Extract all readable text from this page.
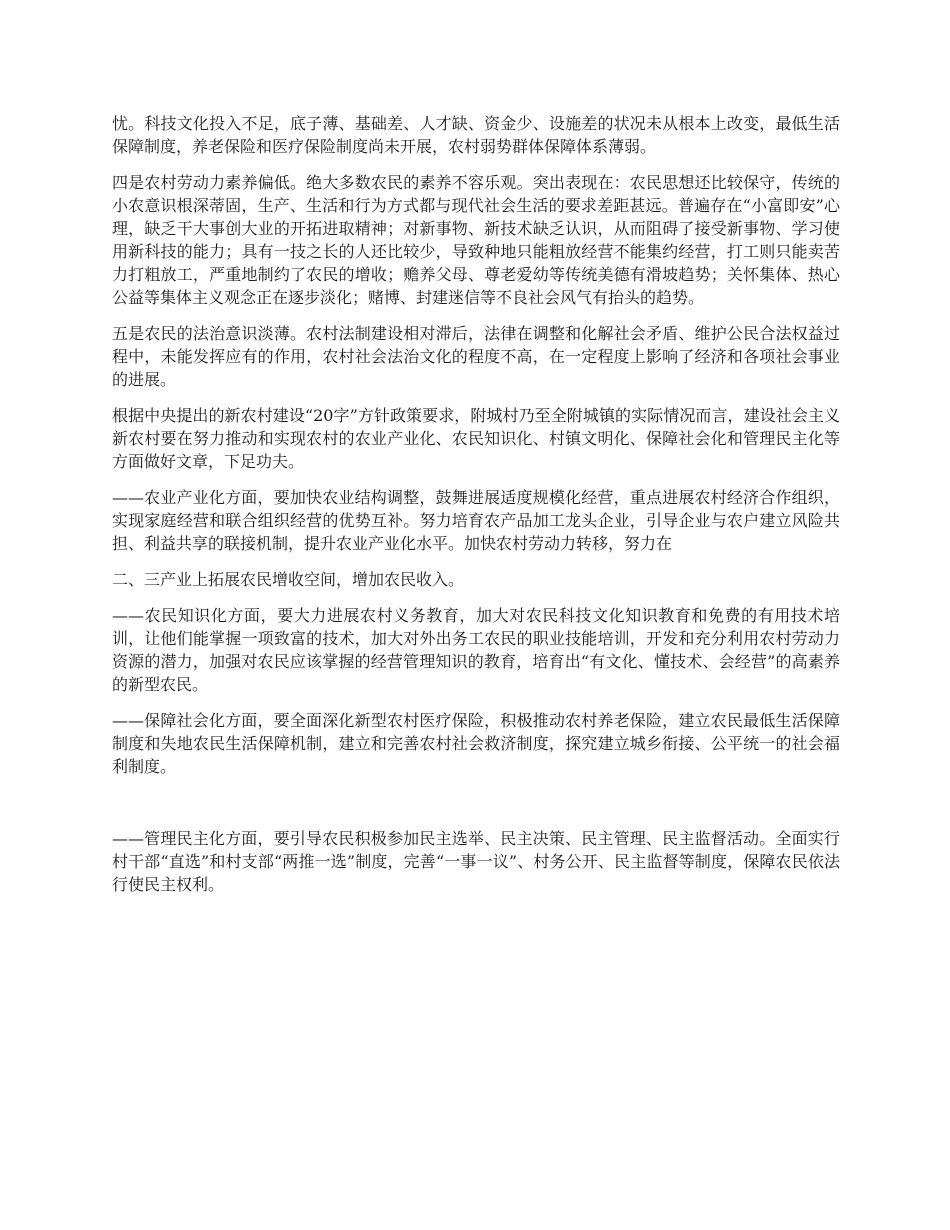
忧。科技文化投入不足，底子薄、基础差、人才缺、资金少、设施差的状况未从根本上改变，最低生活保障制度，养老保险和医疗保险制度尚未开展，农村弱势群体保障体系薄弱。

四是农村劳动力素养偏低。绝大多数农民的素养不容乐观。突出表现在：农民思想还比较保守，传统的小农意识根深蒂固，生产、生活和行为方式都与现代社会生活的要求差距甚远。普遍存在“小富即安”心理，缺乏干大事创大业的开拓进取精神；对新事物、新技术缺乏认识，从而阻碍了接受新事物、学习使用新科技的能力；具有一技之长的人还比较少，导致种地只能粗放经营不能集约经营，打工则只能卖苦力打粗放工，严重地制约了农民的增收；赡养父母、尊老爱幼等传统美德有滑坡趋势；关怀集体、热心公益等集体主义观念正在逐步淡化；赌博、封建迷信等不良社会风气有抬头的趋势。

五是农民的法治意识淡薄。农村法制建设相对滞后，法律在调整和化解社会矛盾、维护公民合法权益过程中，未能发挥应有的作用，农村社会法治文化的程度不高，在一定程度上影响了经济和各项社会事业的进展。

根据中央提出的新农村建设“20字”方针政策要求，附城村乃至全附城镇的实际情况而言，建设社会主义新农村要在努力推动和实现农村的农业产业化、农民知识化、村镇文明化、保障社会化和管理民主化等方面做好文章，下足功夫。

——农业产业化方面，要加快农业结构调整，鼓舞进展适度规模化经营，重点进展农村经济合作组织，实现家庭经营和联合组织经营的优势互补。努力培育农产品加工龙头企业，引导企业与农户建立风险共担、利益共享的联接机制，提升农业产业化水平。加快农村劳动力转移，努力在

二、三产业上拓展农民增收空间，增加农民收入。

——农民知识化方面，要大力进展农村义务教育，加大对农民科技文化知识教育和免费的有用技术培训，让他们能掌握一项致富的技术，加大对外出务工农民的职业技能培训，开发和充分利用农村劳动力资源的潜力，加强对农民应该掌握的经营管理知识的教育，培育出“有文化、懂技术、会经营”的高素养的新型农民。

——保障社会化方面，要全面深化新型农村医疗保险，积极推动农村养老保险，建立农民最低生活保障制度和失地农民生活保障机制，建立和完善农村社会救济制度，探究建立城乡衔接、公平统一的社会福利制度。

——管理民主化方面，要引导农民积极参加民主选举、民主决策、民主管理、民主监督活动。全面实行村干部“直选”和村支部“两推一选”制度，完善“一事一议”、村务公开、民主监督等制度，保障农民依法行使民主权利。
